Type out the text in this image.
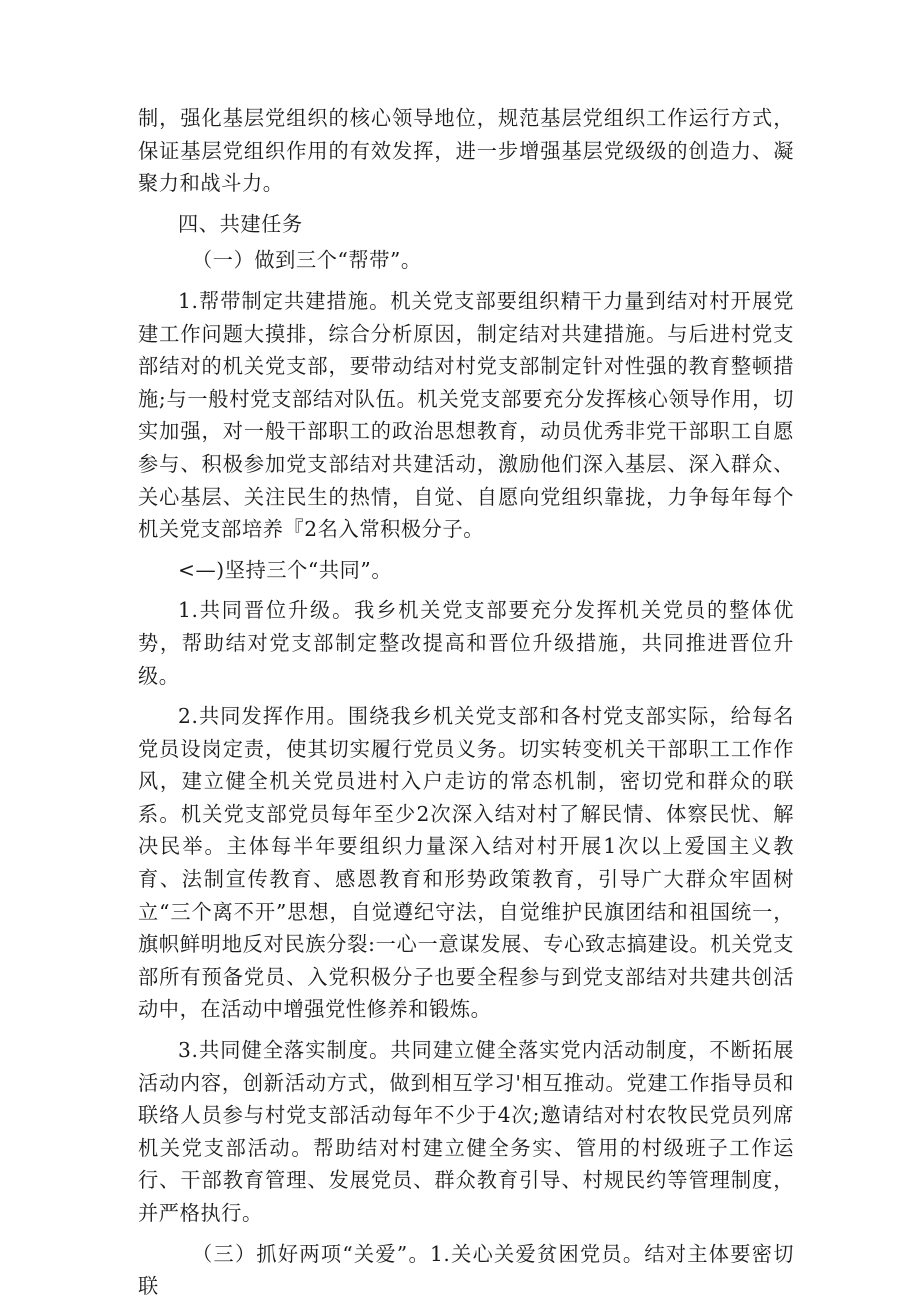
制，强化基层党组织的核心领导地位，规范基层党组织工作运行方式，保证基层党组织作用的有效发挥，进一步增强基层党级级的创造力、凝聚力和战斗力。

四、共建任务

（一）做到三个“帮带”。

1.帮带制定共建措施。机关党支部要组织精干力量到结对村开展党建工作问题大摸排，综合分析原因，制定结对共建措施。与后进村党支部结对的机关党支部，要带动结对村党支部制定针对性强的教育整顿措施;与一般村党支部结对队伍。机关党支部要充分发挥核心领导作用，切实加强，对一般干部职工的政治思想教育，动员优秀非党干部职工自愿参与、积极参加党支部结对共建活动，激励他们深入基层、深入群众、关心基层、关注民生的热情，自觉、自愿向党组织靠拢，力争每年每个机关党支部培养『2名入常积极分子。

<—)坚持三个“共同”。

1.共同晋位升级。我乡机关党支部要充分发挥机关党员的整体优势，帮助结对党支部制定整改提高和晋位升级措施，共同推进晋位升级。

2.共同发挥作用。围绕我乡机关党支部和各村党支部实际，给每名党员设岗定责，使其切实履行党员义务。切实转变机关干部职工工作作风，建立健全机关党员进村入户走访的常态机制，密切党和群众的联系。机关党支部党员每年至少2次深入结对村了解民情、体察民忧、解决民举。主体每半年要组织力量深入结对村开展1次以上爱国主义教育、法制宣传教育、感恩教育和形势政策教育，引导广大群众牢固树立“三个离不开”思想，自觉遵纪守法，自觉维护民旗团结和祖国统一，旗帜鲜明地反对民族分裂:一心一意谋发展、专心致志搞建设。机关党支部所有预备党员、入党积极分子也要全程参与到党支部结对共建共创活动中，在活动中增强党性修养和锻炼。

3.共同健全落实制度。共同建立健全落实党内活动制度，不断拓展活动内容，创新活动方式，做到相互学习'相互推动。党建工作指导员和联络人员参与村党支部活动每年不少于4次;邀请结对村农牧民党员列席机关党支部活动。帮助结对村建立健全务实、管用的村级班子工作运行、干部教育管理、发展党员、群众教育引导、村规民约等管理制度，并严格执行。

（三）抓好两项“关爱”。1.关心关爱贫困党员。结对主体要密切联
